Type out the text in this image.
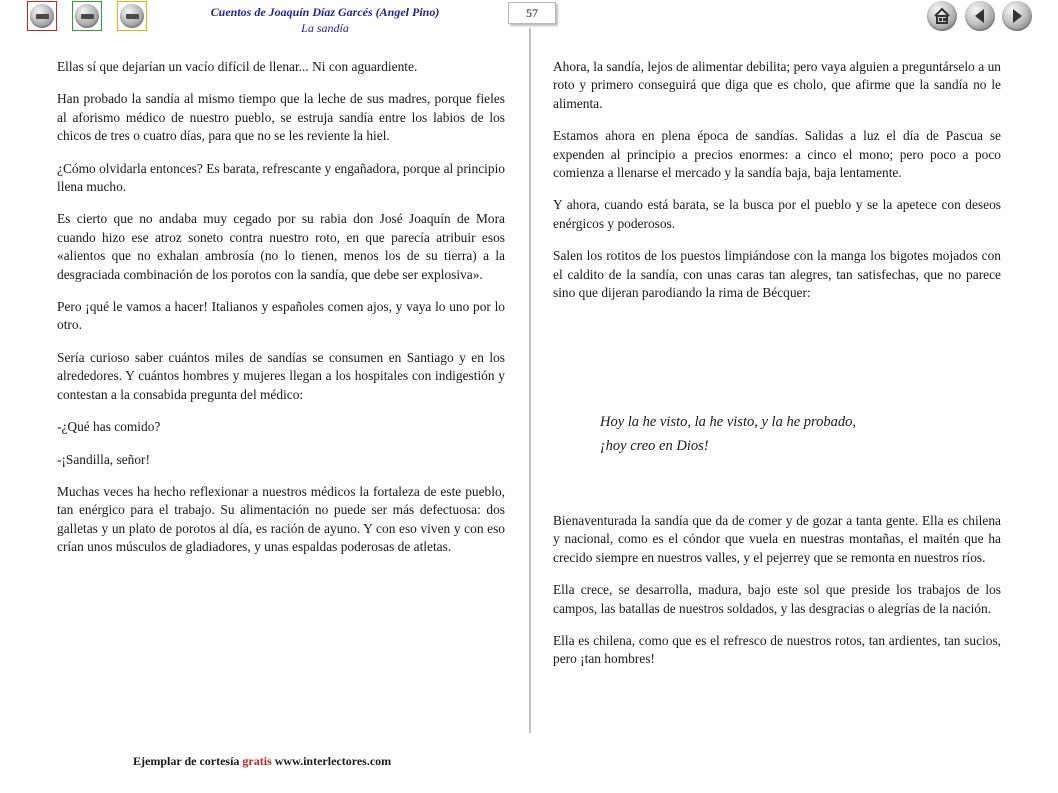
Cuentos de Joaquín Díaz Garcés (Angel Pino)
La sandía
57

Ellas sí que dejarían un vacío difícil de llenar... Ni con aguardiente.

Han probado la sandía al mismo tiempo que la leche de sus madres, porque fieles al aforismo médico de nuestro pueblo, se estruja sandía entre los labios de los chicos de tres o cuatro días, para que no se les reviente la hiel.

¿Cómo olvidarla entonces? Es barata, refrescante y engañadora, porque al principio llena mucho.

Es cierto que no andaba muy cegado por su rabia don José Joaquín de Mora cuando hizo ese atroz soneto contra nuestro roto, en que parecía atribuir esos «alientos que no exhalan ambrosía (no lo tienen, menos los de su tierra) a la desgraciada combinación de los porotos con la sandía, que debe ser explosiva».

Pero ¡qué le vamos a hacer! Italianos y españoles comen ajos, y vaya lo uno por lo otro.

Sería curioso saber cuántos miles de sandías se consumen en Santiago y en los alrededores. Y cuántos hombres y mujeres llegan a los hospitales con indigestión y contestan a la consabida pregunta del médico:

-¿Qué has comido?

-¡Sandilla, señor!

Muchas veces ha hecho reflexionar a nuestros médicos la fortaleza de este pueblo, tan enérgico para el trabajo. Su alimentación no puede ser más defectuosa: dos galletas y un plato de porotos al día, es ración de ayuno. Y con eso viven y con eso crían unos músculos de gladiadores, y unas espaldas poderosas de atletas.

Ahora, la sandía, lejos de alimentar debilita; pero vaya alguien a preguntárselo a un roto y primero conseguirá que diga que es cholo, que afirme que la sandía no le alimenta.

Estamos ahora en plena época de sandías. Salidas a luz el día de Pascua se expenden al principio a precios enormes: a cinco el mono; pero poco a poco comienza a llenarse el mercado y la sandía baja, baja lentamente.

Y ahora, cuando está barata, se la busca por el pueblo y se la apetece con deseos enérgicos y poderosos.

Salen los rotitos de los puestos limpiándose con la manga los bigotes mojados con el caldito de la sandía, con unas caras tan alegres, tan satisfechas, que no parece sino que dijeran parodiando la rima de Bécquer:

Hoy la he visto, la he visto, y la he probado,
¡hoy creo en Dios!

Bienaventurada la sandía que da de comer y de gozar a tanta gente. Ella es chilena y nacional, como es el cóndor que vuela en nuestras montañas, el maitén que ha crecido siempre en nuestros valles, y el pejerrey que se remonta en nuestros ríos.

Ella crece, se desarrolla, madura, bajo este sol que preside los trabajos de los campos, las batallas de nuestros soldados, y las desgracias o alegrías de la nación.

Ella es chilena, como que es el refresco de nuestros rotos, tan ardientes, tan sucios, pero ¡tan hombres!

Ejemplar de cortesía gratis www.interlectores.com
